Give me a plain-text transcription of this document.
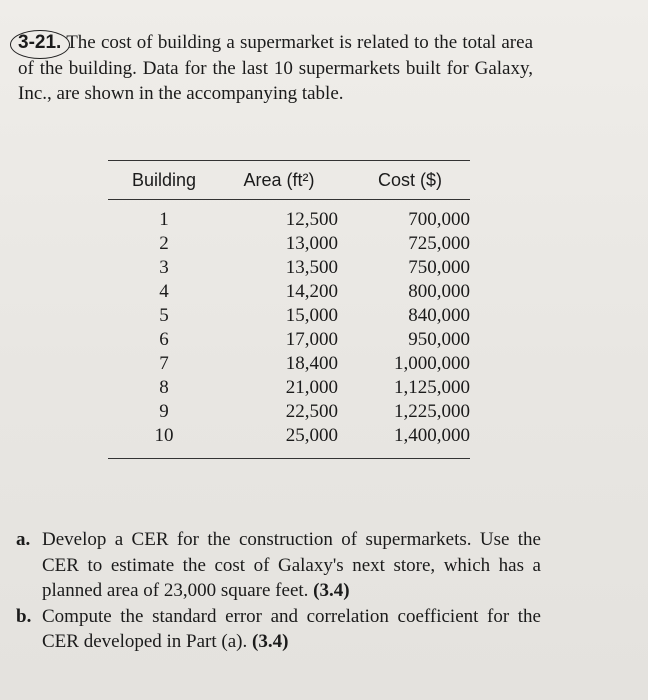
3-21. The cost of building a supermarket is related to the total area of the building. Data for the last 10 supermarkets built for Galaxy, Inc., are shown in the accompanying table.

Building	Area (ft²)	Cost ($)
1	12,500	700,000
2	13,000	725,000
3	13,500	750,000
4	14,200	800,000
5	15,000	840,000
6	17,000	950,000
7	18,400	1,000,000
8	21,000	1,125,000
9	22,500	1,225,000
10	25,000	1,400,000
a. Develop a CER for the construction of supermarkets. Use the CER to estimate the cost of Galaxy's next store, which has a planned area of 23,000 square feet. (3.4)
b. Compute the standard error and correlation coefficient for the CER developed in Part (a). (3.4)
